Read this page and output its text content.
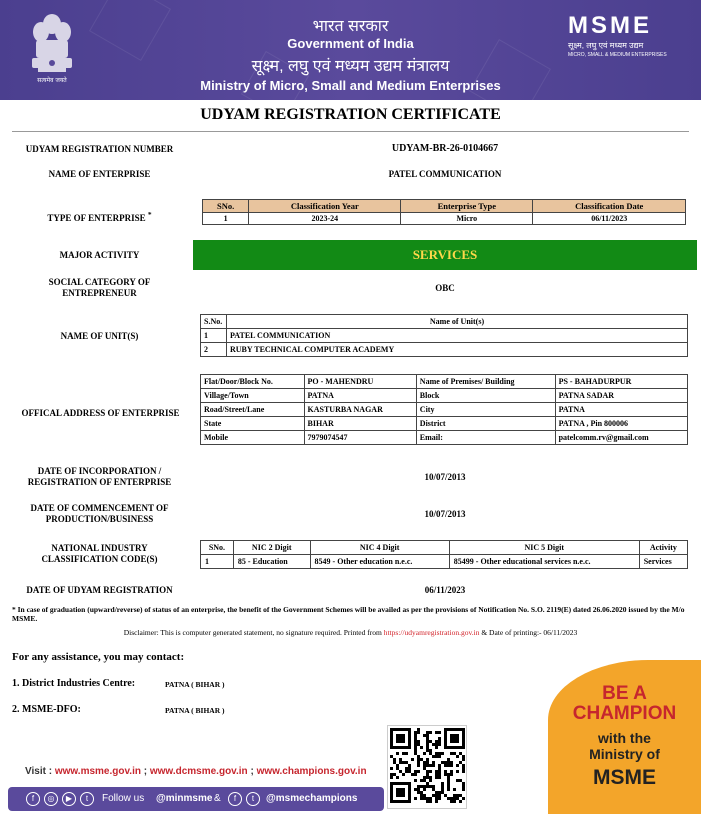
सत्यमेव जयते
भारत सरकार
Government of India
सूक्ष्म, लघु एवं मध्यम उद्यम मंत्रालय
Ministry of Micro, Small and Medium Enterprises
MSME
सूक्ष्म, लघु एवं मध्यम उद्यम
MICRO, SMALL & MEDIUM ENTERPRISES
UDYAM REGISTRATION CERTIFICATE
UDYAM REGISTRATION NUMBER	UDYAM-BR-26-0104667
NAME OF ENTERPRISE	PATEL COMMUNICATION
TYPE OF ENTERPRISE *
SNo.	Classification Year	Enterprise Type	Classification Date
1	2023-24	Micro	06/11/2023
MAJOR ACTIVITY	SERVICES
SOCIAL CATEGORY OF ENTREPRENEUR	OBC
NAME OF UNIT(S)
S.No.	Name of Unit(s)
1	PATEL COMMUNICATION
2	RUBY TECHNICAL COMPUTER ACADEMY
OFFICAL ADDRESS OF ENTERPRISE
Flat/Door/Block No.	PO - MAHENDRU	Name of Premises/ Building	PS - BAHADURPUR
Village/Town	PATNA	Block	PATNA SADAR
Road/Street/Lane	KASTURBA NAGAR	City	PATNA
State	BIHAR	District	PATNA , Pin 800006
Mobile	7979074547	Email:	patelcomm.rv@gmail.com
DATE OF INCORPORATION / REGISTRATION OF ENTERPRISE	10/07/2013
DATE OF COMMENCEMENT OF PRODUCTION/BUSINESS	10/07/2013
NATIONAL INDUSTRY CLASSIFICATION CODE(S)
SNo.	NIC 2 Digit	NIC 4 Digit	NIC 5 Digit	Activity
1	85 - Education	8549 - Other education n.e.c.	85499 - Other educational services n.e.c.	Services
DATE OF UDYAM REGISTRATION	06/11/2023
* In case of graduation (upward/reverse) of status of an enterprise, the benefit of the Government Schemes will be availed as per the provisions of Notification No. S.O. 2119(E) dated 26.06.2020 issued by the M/o MSME.
Disclaimer: This is computer generated statement, no signature required. Printed from https://udyamregistration.gov.in & Date of printing:- 06/11/2023
For any assistance, you may contact:
1. District Industries Centre:	PATNA ( BIHAR )
2. MSME-DFO:	PATNA ( BIHAR )
BE A
CHAMPION
with the
Ministry of
MSME
Visit : www.msme.gov.in ; www.dcmsme.gov.in ; www.champions.gov.in
f	◎	▶	t	Follow us @minmsme &	f	t	@msmechampions
